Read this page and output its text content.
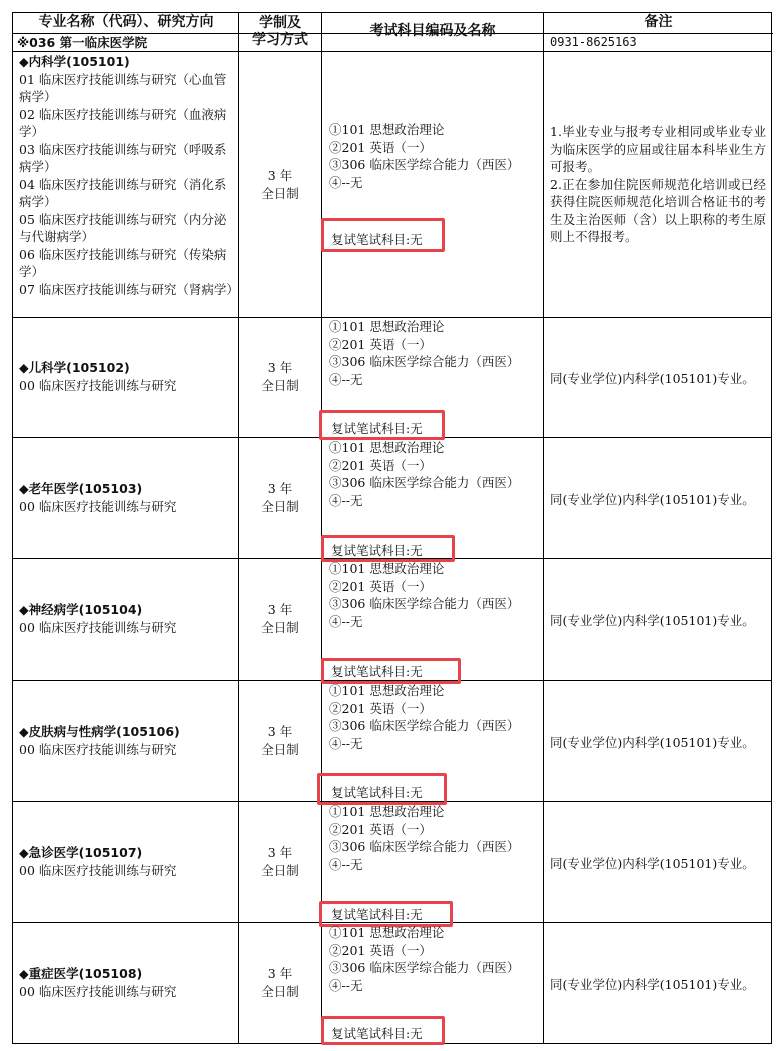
专业名称（代码）、研究方向
※036 第一临床医学院
学制及
学习方式
考试科目编码及名称
备注
0931-8625163
◆内科学(105101)
01 临床医疗技能训练与研究（心血管病学）
02 临床医疗技能训练与研究（血液病学）
03 临床医疗技能训练与研究（呼吸系病学）
04 临床医疗技能训练与研究（消化系病学）
05 临床医疗技能训练与研究（内分泌与代谢病学）
06 临床医疗技能训练与研究（传染病学）
07 临床医疗技能训练与研究（肾病学）
3 年
全日制
①101 思想政治理论
②201 英语（一）
③306 临床医学综合能力（西医）
④--无
复试笔试科目:无
1.毕业专业与报考专业相同或毕业专业为临床医学的应届或往届本科毕业生方可报考。
2.正在参加住院医师规范化培训或已经获得住院医师规范化培训合格证书的考生及主治医师（含）以上职称的考生原则上不得报考。
◆儿科学(105102)
00 临床医疗技能训练与研究
3 年
全日制
①101 思想政治理论
②201 英语（一）
③306 临床医学综合能力（西医）
④--无
复试笔试科目:无
同(专业学位)内科学(105101)专业。
◆老年医学(105103)
00 临床医疗技能训练与研究
3 年
全日制
①101 思想政治理论
②201 英语（一）
③306 临床医学综合能力（西医）
④--无
复试笔试科目:无
同(专业学位)内科学(105101)专业。
◆神经病学(105104)
00 临床医疗技能训练与研究
3 年
全日制
①101 思想政治理论
②201 英语（一）
③306 临床医学综合能力（西医）
④--无
复试笔试科目:无
同(专业学位)内科学(105101)专业。
◆皮肤病与性病学(105106)
00 临床医疗技能训练与研究
3 年
全日制
①101 思想政治理论
②201 英语（一）
③306 临床医学综合能力（西医）
④--无
复试笔试科目:无
同(专业学位)内科学(105101)专业。
◆急诊医学(105107)
00 临床医疗技能训练与研究
3 年
全日制
①101 思想政治理论
②201 英语（一）
③306 临床医学综合能力（西医）
④--无
复试笔试科目:无
同(专业学位)内科学(105101)专业。
◆重症医学(105108)
00 临床医疗技能训练与研究
3 年
全日制
①101 思想政治理论
②201 英语（一）
③306 临床医学综合能力（西医）
④--无
复试笔试科目:无
同(专业学位)内科学(105101)专业。
